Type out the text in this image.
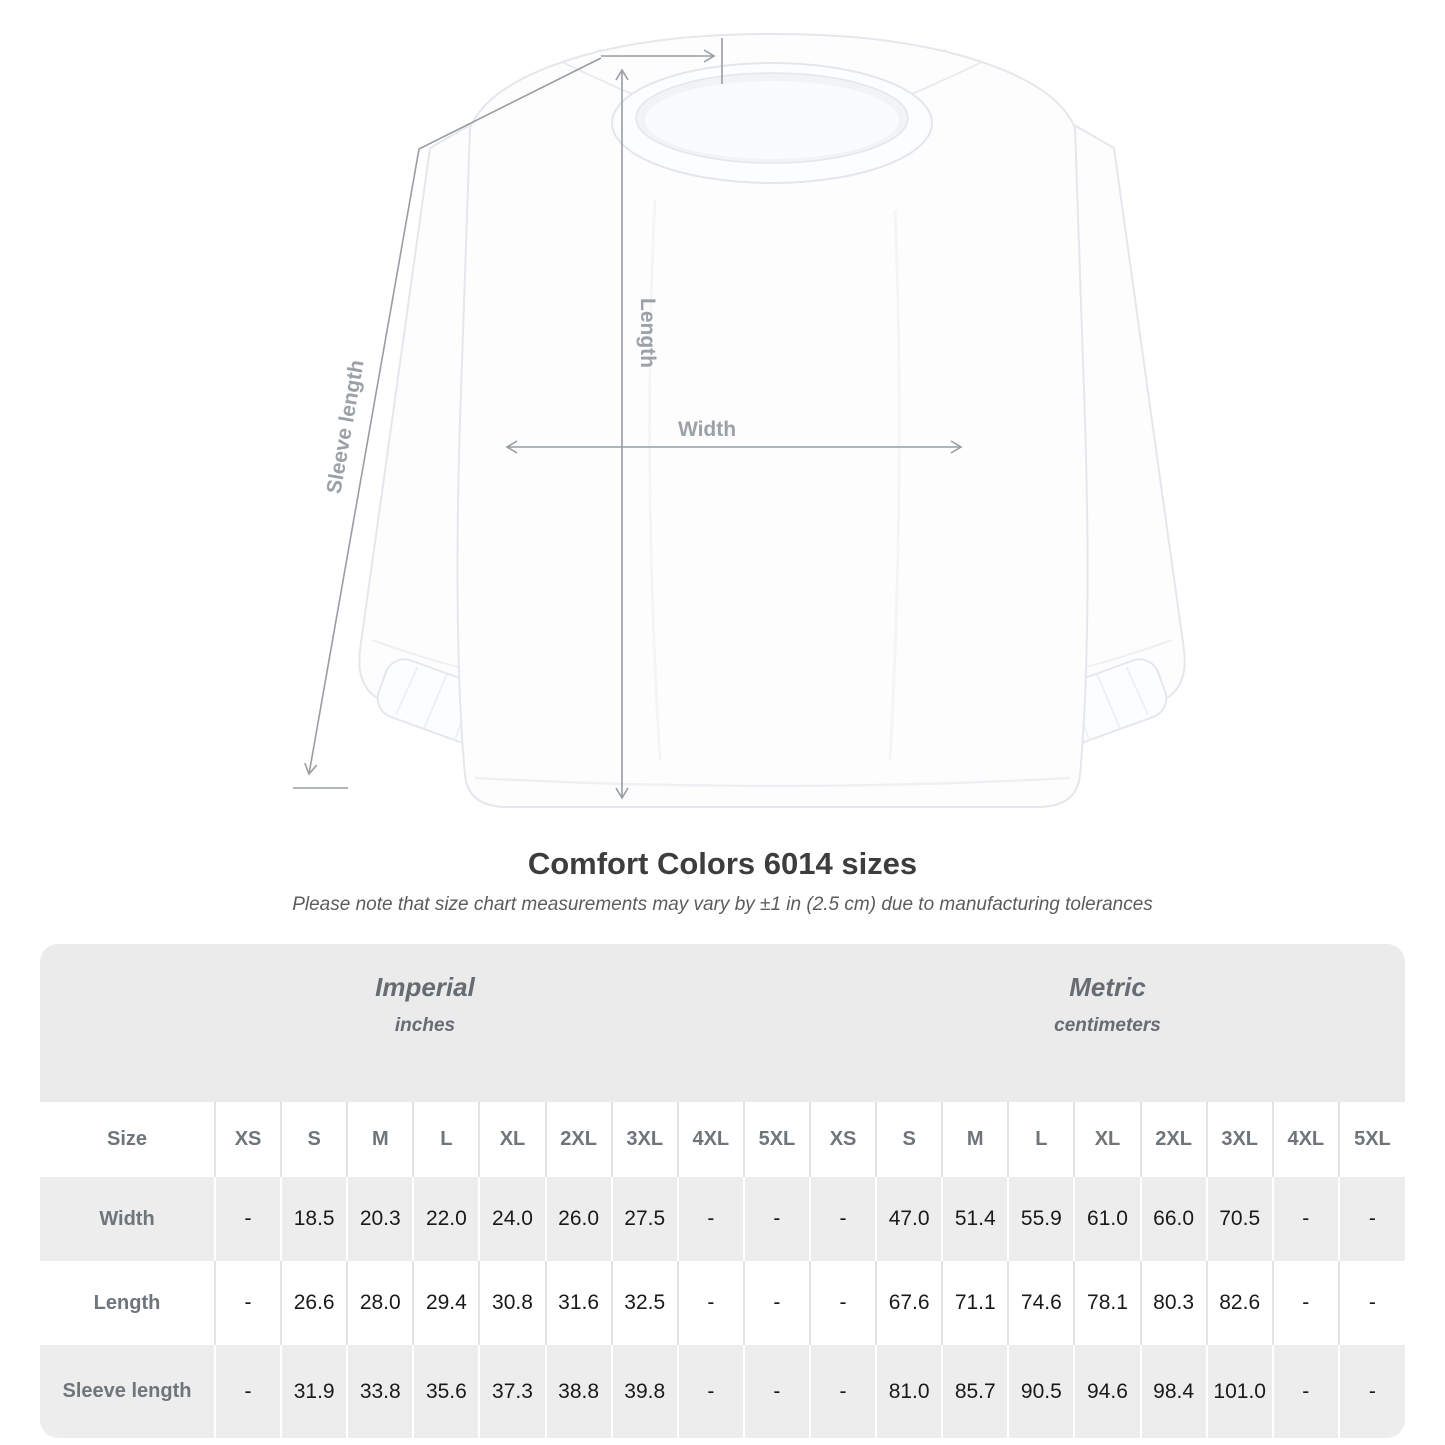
Width
Length
Sleeve length
Comfort Colors 6014 sizes

Please note that size chart measurements may vary by ±1 in (2.5 cm) due to manufacturing tolerances

Imperial
inches

Metric
centimeters

Size	XS	S	M	L	XL	2XL	3XL	4XL	5XL	XS	S	M	L	XL	2XL	3XL	4XL	5XL
Width	-	18.5	20.3	22.0	24.0	26.0	27.5	-	-	-	47.0	51.4	55.9	61.0	66.0	70.5	-	-
Length	-	26.6	28.0	29.4	30.8	31.6	32.5	-	-	-	67.6	71.1	74.6	78.1	80.3	82.6	-	-
Sleeve length	-	31.9	33.8	35.6	37.3	38.8	39.8	-	-	-	81.0	85.7	90.5	94.6	98.4	101.0	-	-
